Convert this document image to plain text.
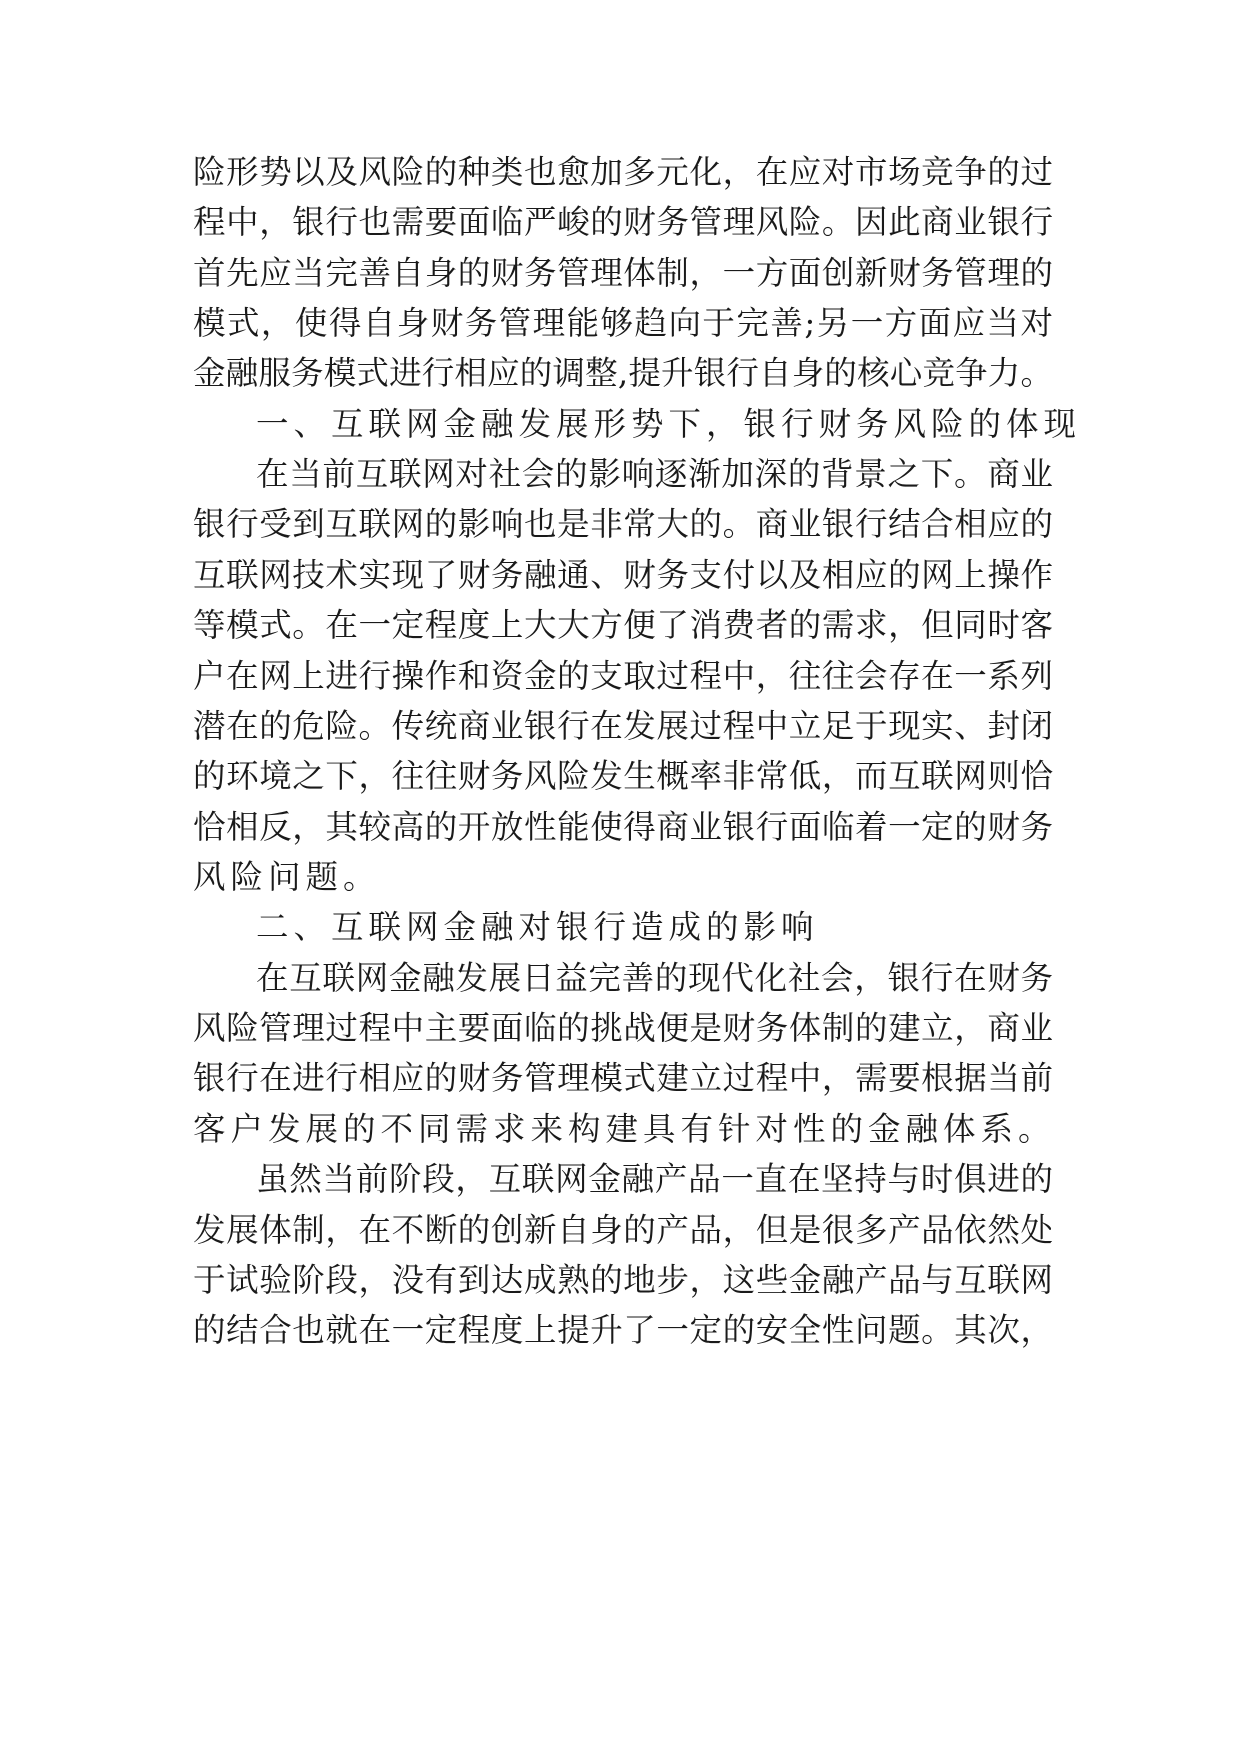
险形势以及风险的种类也愈加多元化，在应对市场竞争的过
程中，银行也需要面临严峻的财务管理风险。因此商业银行
首先应当完善自身的财务管理体制，一方面创新财务管理的
模式，使得自身财务管理能够趋向于完善;另一方面应当对
金融服务模式进行相应的调整,提升银行自身的核心竞争力。
一、互联网金融发展形势下，银行财务风险的体现
在当前互联网对社会的影响逐渐加深的背景之下。商业
银行受到互联网的影响也是非常大的。商业银行结合相应的
互联网技术实现了财务融通、财务支付以及相应的网上操作
等模式。在一定程度上大大方便了消费者的需求，但同时客
户在网上进行操作和资金的支取过程中，往往会存在一系列
潜在的危险。传统商业银行在发展过程中立足于现实、封闭
的环境之下，往往财务风险发生概率非常低，而互联网则恰
恰相反，其较高的开放性能使得商业银行面临着一定的财务
风险问题。
二、互联网金融对银行造成的影响
在互联网金融发展日益完善的现代化社会，银行在财务
风险管理过程中主要面临的挑战便是财务体制的建立，商业
银行在进行相应的财务管理模式建立过程中，需要根据当前
客户发展的不同需求来构建具有针对性的金融体系。
虽然当前阶段，互联网金融产品一直在坚持与时俱进的
发展体制，在不断的创新自身的产品，但是很多产品依然处
于试验阶段，没有到达成熟的地步，这些金融产品与互联网
的结合也就在一定程度上提升了一定的安全性问题。其次，
